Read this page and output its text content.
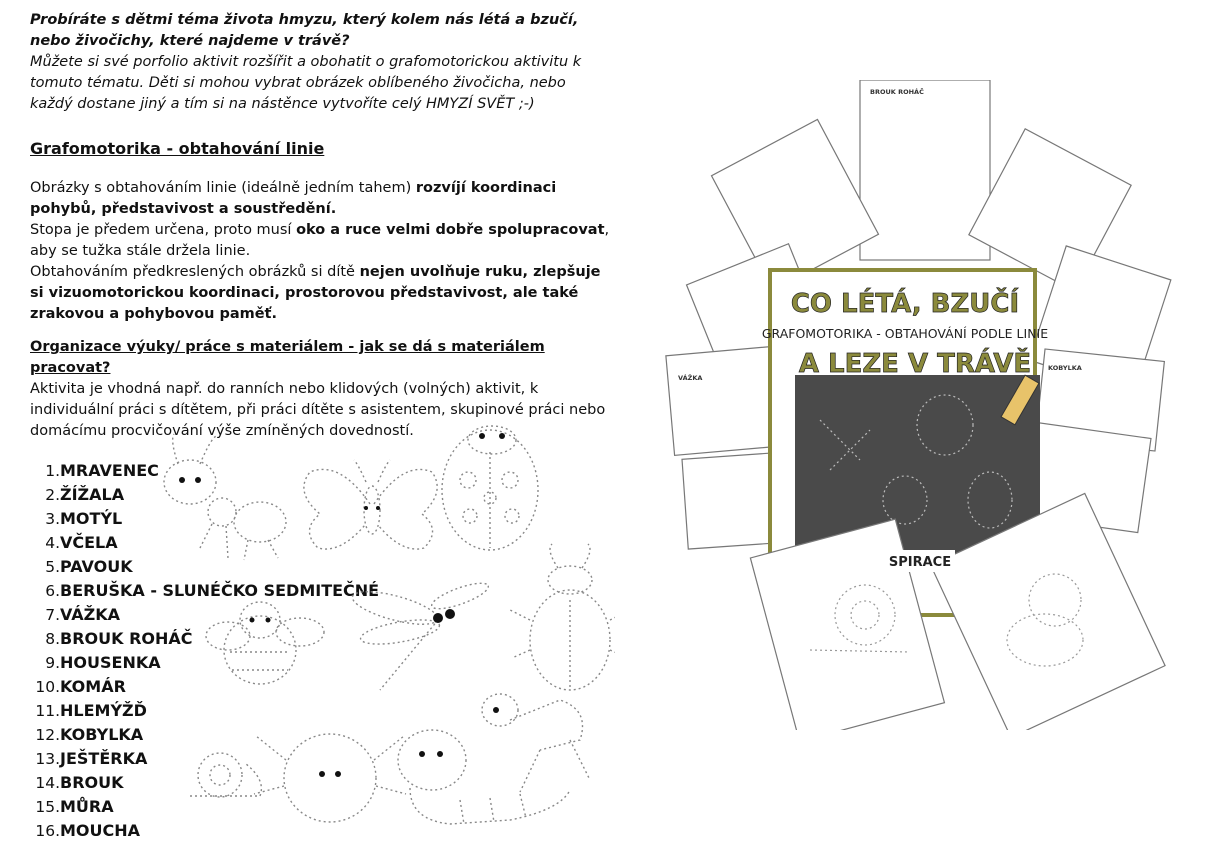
Probíráte s dětmi téma života hmyzu, který kolem nás létá a bzučí, nebo živočichy, které najdeme v trávě?
Můžete si své porfolio aktivit rozšířit a obohatit o grafomotorickou aktivitu k tomuto tématu. Děti si mohou vybrat obrázek oblíbeného živočicha, nebo každý dostane jiný a tím si na nástěnce vytvoříte celý HMYZÍ SVĚT ;-)

Grafomotorika - obtahování linie
Obrázky s obtahováním linie (ideálně jedním tahem) rozvíjí koordinaci pohybů, představivost a soustředění.
Stopa je předem určena, proto musí oko a ruce velmi dobře spolupracovat, aby se tužka stále držela linie.
Obtahováním předkreslených obrázků si dítě nejen uvolňuje ruku, zlepšuje si vizuomotorickou koordinaci, prostorovou představivost, ale také zrakovou a pohybovou paměť.
Organizace výuky/ práce s materiálem - jak se dá s materiálem pracovat?
Aktivita je vhodná např. do ranních nebo klidových (volných) aktivit, k individuální práci s dítětem, při práci dítěte s asistentem, skupinové práci nebo domácímu procvičování výše zmíněných dovedností.
1.MRAVENEC
2.ŽÍŽALA
3.MOTÝL
4.VČELA
5.PAVOUK
6.BERUŠKA - SLUNÉČKO SEDMITEČNÉ
7.VÁŽKA
8.BROUK ROHÁČ
9.HOUSENKA
10.KOMÁR
11.HLEMÝŽĎ
12.KOBYLKA
13.JEŠTĚRKA
14.BROUK
15.MŮRA
16.MOUCHA
CO LÉTÁ, BZUČÍ
GRAFOMOTORIKA - OBTAHOVÁNÍ PODLE LINIE
A LEZE V TRÁVĚ
SPIRACE
BROUK ROHÁČ
VÁŽKA
KOBYLKA
